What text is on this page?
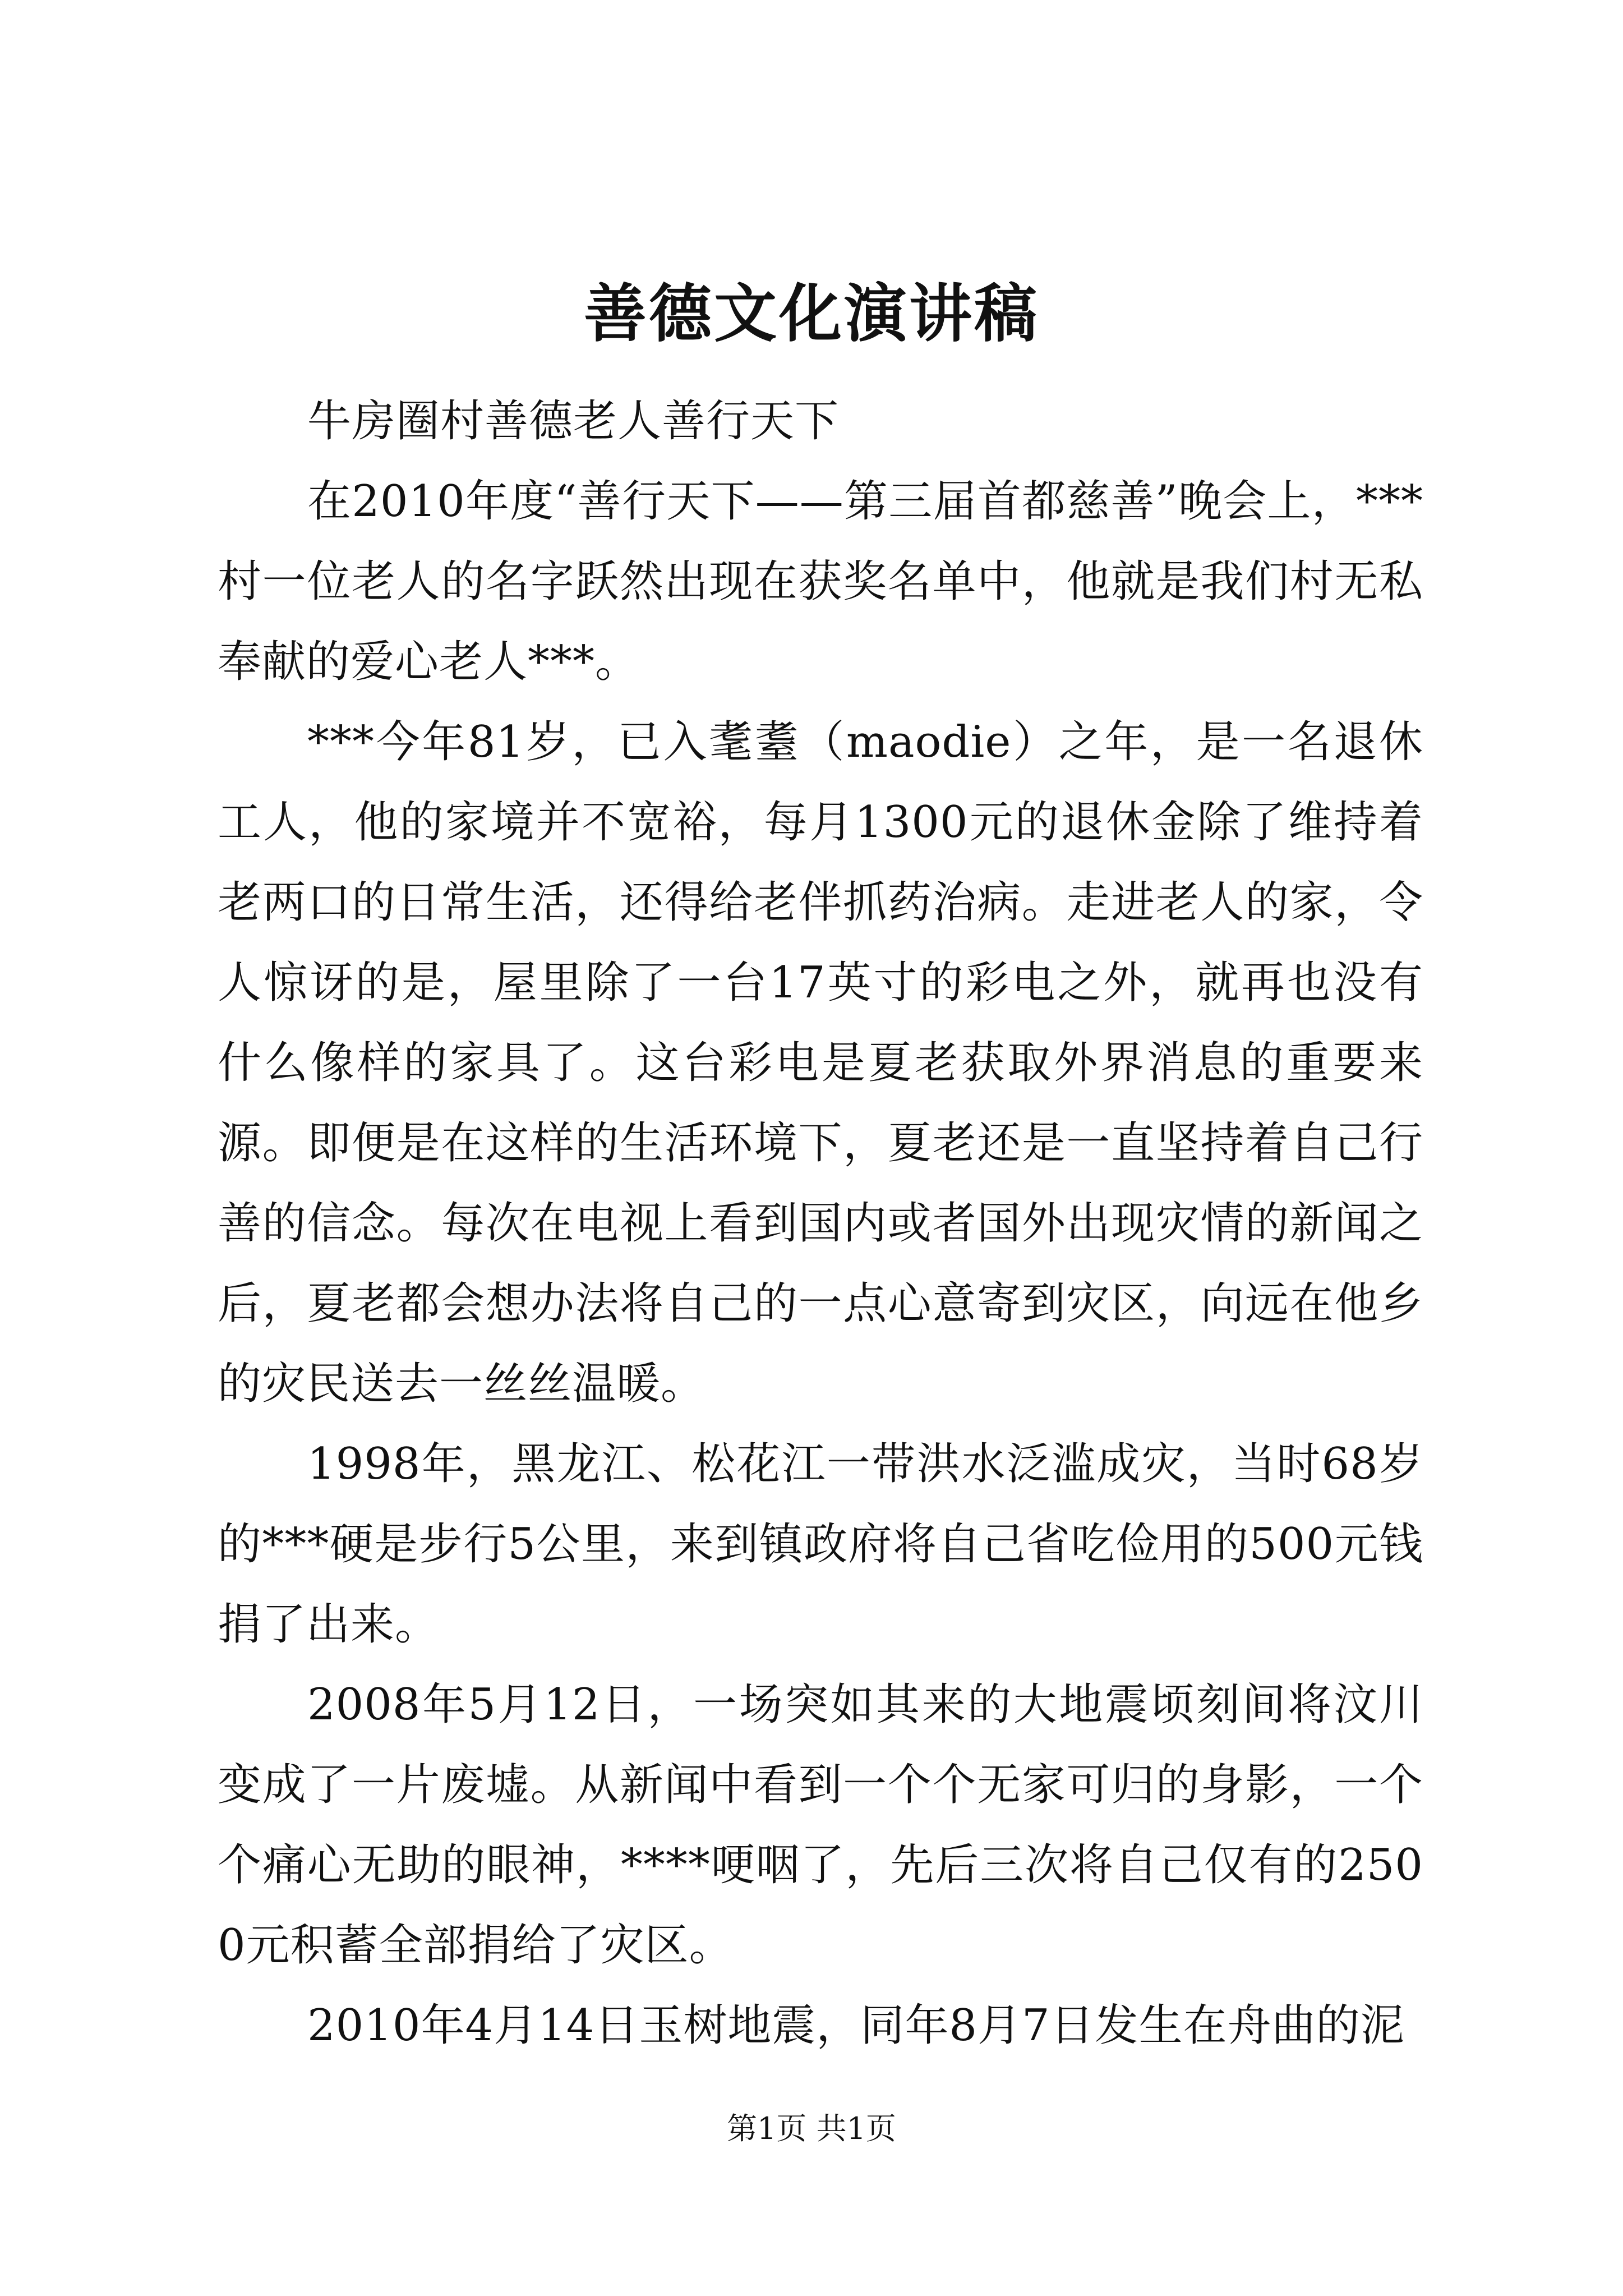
善德文化演讲稿

牛房圈村善德老人善行天下

在2010年度“善行天下——第三届首都慈善”晚会上，***村一位老人的名字跃然出现在获奖名单中，他就是我们村无私奉献的爱心老人***。

***今年81岁，已入耄耋（maodie）之年，是一名退休工人，他的家境并不宽裕，每月1300元的退休金除了维持着老两口的日常生活，还得给老伴抓药治病。走进老人的家，令人惊讶的是，屋里除了一台17英寸的彩电之外，就再也没有什么像样的家具了。这台彩电是夏老获取外界消息的重要来源。即便是在这样的生活环境下，夏老还是一直坚持着自己行善的信念。每次在电视上看到国内或者国外出现灾情的新闻之后，夏老都会想办法将自己的一点心意寄到灾区，向远在他乡的灾民送去一丝丝温暖。

1998年，黑龙江、松花江一带洪水泛滥成灾，当时68岁的***硬是步行5公里，来到镇政府将自己省吃俭用的500元钱捐了出来。

2008年5月12日，一场突如其来的大地震顷刻间将汶川变成了一片废墟。从新闻中看到一个个无家可归的身影，一个个痛心无助的眼神，****哽咽了，先后三次将自己仅有的2500元积蓄全部捐给了灾区。

2010年4月14日玉树地震，同年8月7日发生在舟曲的泥

第1页 共1页
